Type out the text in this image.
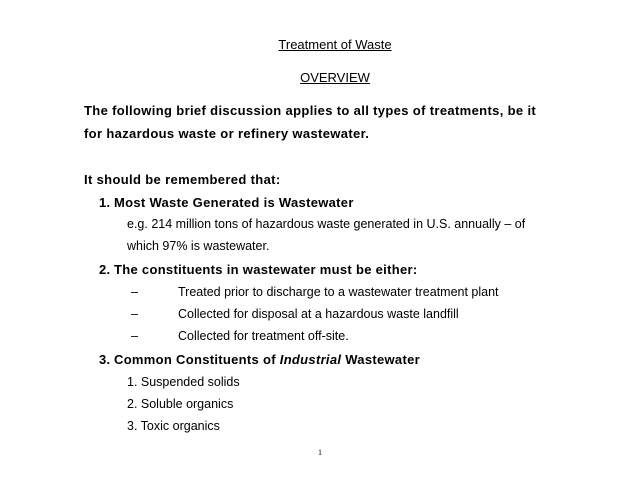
Treatment of Waste
OVERVIEW
The following brief discussion applies to all types of treatments, be it
for hazardous waste or refinery wastewater.
It should be remembered that:
1. Most Waste Generated is Wastewater
e.g. 214 million tons of hazardous waste generated in U.S. annually – of
which 97% is wastewater.
2. The constituents in wastewater must be either:
–	Treated prior to discharge to a wastewater treatment plant
–	Collected for disposal at a hazardous waste landfill
–	Collected for treatment off-site.
3. Common Constituents of Industrial Wastewater
1. Suspended solids
2. Soluble organics
3. Toxic organics
1
